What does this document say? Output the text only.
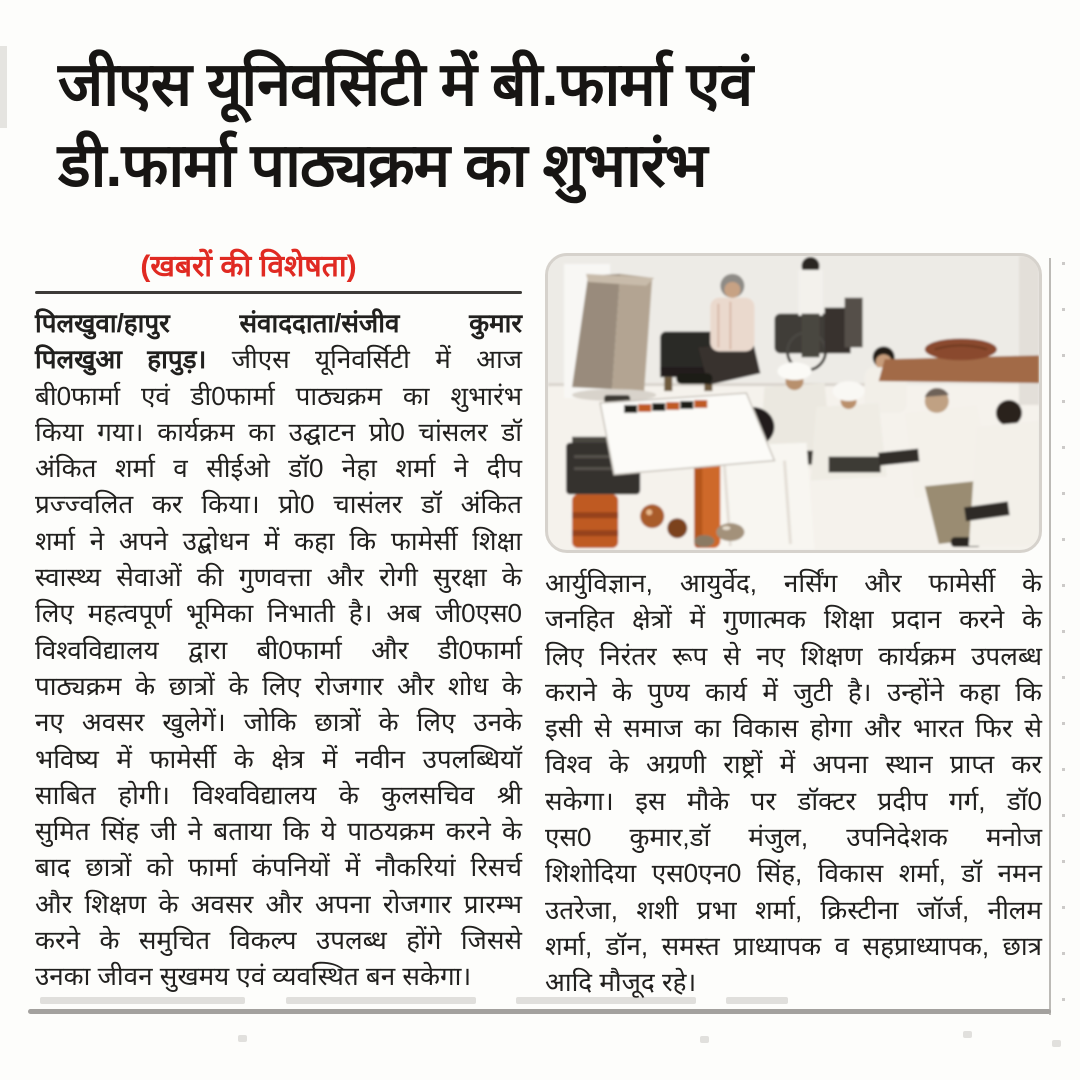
जीएस यूनिवर्सिटी में बी.फार्मा एवं
डी.फार्मा पाठ्यक्रम का शुभारंभ
(खबरों की विशेषता)
पिलखुवा/हापुर संवाददाता/संजीव कुमार
पिलखुआ हापुड़। जीएस यूनिवर्सिटी में आज
बी0फार्मा एवं डी0फार्मा पाठ्यक्रम का शुभारंभ
किया गया। कार्यक्रम का उद्घाटन प्रो0 चांसलर डॉ
अंकित शर्मा व सीईओ डॉ0 नेहा शर्मा ने दीप
प्रज्ज्वलित कर किया। प्रो0 चासंलर डॉ अंकित
शर्मा ने अपने उद्बोधन में कहा कि फामेर्सी शिक्षा
स्वास्थ्य सेवाओं की गुणवत्ता और रोगी सुरक्षा के
लिए महत्वपूर्ण भूमिका निभाती है। अब जी0एस0
विश्वविद्यालय द्वारा बी0फार्मा और डी0फार्मा
पाठ्यक्रम के छात्रों के लिए रोजगार और शोध के
नए अवसर खुलेगें। जोकि छात्रों के लिए उनके
भविष्य में फामेर्सी के क्षेत्र में नवीन उपलब्धियॉ
साबित होगी। विश्वविद्यालय के कुलसचिव श्री
सुमित सिंह जी ने बताया कि ये पाठयक्रम करने के
बाद छात्रों को फार्मा कंपनियों में नौकरियां रिसर्च
और शिक्षण के अवसर और अपना रोजगार प्रारम्भ
करने के समुचित विकल्प उपलब्ध होंगे जिससे
उनका जीवन सुखमय एवं व्यवस्थित बन सकेगा।
आर्युविज्ञान, आयुर्वेद, नर्सिंग और फामेर्सी के
जनहित क्षेत्रों में गुणात्मक शिक्षा प्रदान करने के
लिए निरंतर रूप से नए शिक्षण कार्यक्रम उपलब्ध
कराने के पुण्य कार्य में जुटी है। उन्होंने कहा कि
इसी से समाज का विकास होगा और भारत फिर से
विश्व के अग्रणी राष्ट्रों में अपना स्थान प्राप्त कर
सकेगा। इस मौके पर डॉक्टर प्रदीप गर्ग, डॉ0
एस0 कुमार,डॉ मंजुल, उपनिदेशक मनोज
शिशोदिया एस0एन0 सिंह, विकास शर्मा, डॉ नमन
उतरेजा, शशी प्रभा शर्मा, क्रिस्टीना जॉर्ज, नीलम
शर्मा, डॉन, समस्त प्राध्यापक व सहप्राध्यापक, छात्र
आदि मौजूद रहे।
